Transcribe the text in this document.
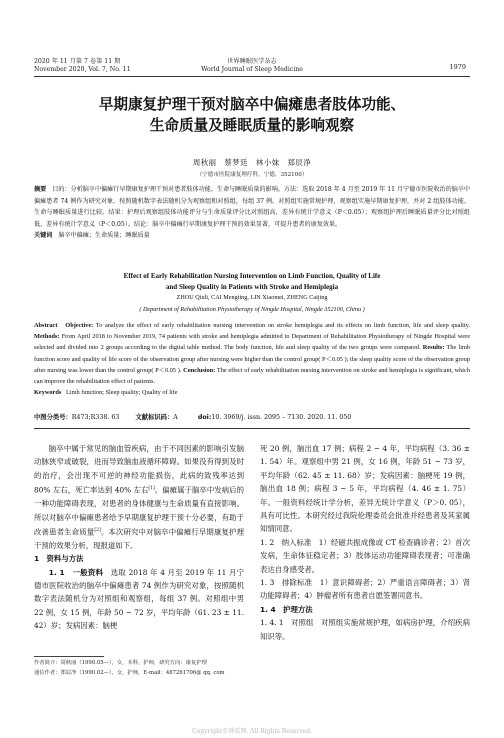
2020 年 11 月第 7 卷第 11 期
November 2020, Vol. 7, No. 11
世界睡眠医学杂志
World Journal of Sleep Medicine	1979
早期康复护理干预对脑卒中偏瘫患者肢体功能、
生命质量及睡眠质量的影响观察
周秋丽　蔡梦廷　林小妹　郑辰净
（宁德市医院康复理疗科，宁德，352100）
摘要　 目的：分析脑卒中偏瘫行早期康复护理干预对患者肢体功能、生命与睡眠质量的影响。方法：选取 2018 年 4 月至 2019 年 11 月宁德市医院收治的脑卒中偏瘫患者 74 例作为研究对象，按照随机数字表法随机分为观察组和对照组，每组 37 例。对照组实施常规护理，观察组实施早期康复护理，并对 2 组肢体功能、生命与睡眠质量进行比较。结果：护理后观察组肢体功能评分与生命质量评分比对照组高，差异有统计学意义（P＜0.05）；观察组护理后睡眠质量评分比对照组低，差异有统计学意义（P＜0.05）。结论：脑卒中偏瘫行早期康复护理干预的效果显著，可提升患者的康复效果。
关键词　 脑卒中偏瘫；生命质量；睡眠质量
Effect of Early Rehabilitation Nursing Intervention on Limb Function, Quality of Life
and Sleep Quality in Patients with Stroke and Hemiplegia
ZHOU Qiuli, CAI Mengting, LIN Xiaomei, ZHENG Caijing
( Department of Rehabilitation Physiotherapy of Ningde Hospital, Ningde 352100, China )
Abstract Objective: To analyze the effect of early rehabilitation nursing intervention on stroke hemiplegia and its effects on limb function, life and sleep quality. Methods: From April 2018 to November 2019, 74 patients with stroke and hemiplegia admitted to Department of Rehabilitation Physiotherapy of Ningde Hospital were selected and divided into 2 groups according to the digital table method. The body function, life and sleep quality of the two groups were compared. Results: The limb function score and quality of life score of the observation group after nursing were higher than the control group( P＜0.05 ); the sleep quality score of the observation group after nursing was lower than the control group( P＜0.05 ). Conclusion: The effect of early rehabilitation nursing intervention on stroke and hemiplegia is significant, which can improve the rehabilitation effect of patients.
Keywords Limb function; Sleep quality; Quality of life
中图分类号：R473;R338. 63	文献标识码：A	doi:10. 3969/j. issn. 2095 – 7130. 2020. 11. 050

脑卒中属于常见的脑血管疾病，由于不同因素的影响引发脑动脉狭窄或破裂，进而导致脑血液循环障碍。如果没有得到及时的治疗，会出现不可逆的神经功能损伤，此病的致残率达到 80% 左右，死亡率达到 40% 左右[1]。偏瘫属于脑卒中发病后的一种功能障碍表现，对患者的身体健康与生命质量有直接影响。所以对脑卒中偏瘫患者给予早期康复护理干预十分必要，有助于改善患者生命质量[2]。本次研究中对脑卒中偏瘫行早期康复护理干预的效果分析，现报道如下。

1　资料与方法

1. 1　一般资料　 选取 2018 年 4 月至 2019 年 11 月宁德市医院收治的脑卒中偏瘫患者 74 例作为研究对象，按照随机数字表法随机分为对照组和观察组，每组 37 例。对照组中男 22 例，女 15 例，年龄 50 ~ 72 岁，平均年龄（61. 23 ± 11. 42）岁；发病因素：脑梗

死 20 例，脑出血 17 例；病程 2 ~ 4 年，平均病程（3. 36 ± 1. 54）年。观察组中男 21 例，女 16 例，年龄 51 ~ 73 岁，平均年龄（62. 45 ± 11. 68）岁；发病因素：脑梗死 19 例，脑出血 18 例；病程 3 ~ 5 年，平均病程（4. 46 ± 1. 75）年。一般资料经统计学分析，差异无统计学意义（P＞0. 05），具有可比性。本研究经过我院伦理委员会批准并经患者及其家属知情同意。

1. 2　纳入标准　1）经磁共振成像或 CT 检查确诊者；2）首次发病，生命体征稳定者；3）肢体运动功能障碍表现者；可准确表达自身感受者。

1. 3　排除标准　1）意识障碍者；2）严重语言障碍者；3）肾功能障碍者；4）肿瘤者所有患者自愿签署同意书。

1. 4　护理方法

1. 4. 1　对照组　对照组实施常规护理，如病房护理，介绍疾病知识等。

作者简介：周秋丽（1990.05—），女，本科，护师，研究方向：康复护理
通信作者：郑辰净（1990.02—），女，护师，E-mail：487261706@ qq. com
Copyright©博看网. All Rights Reserved.
